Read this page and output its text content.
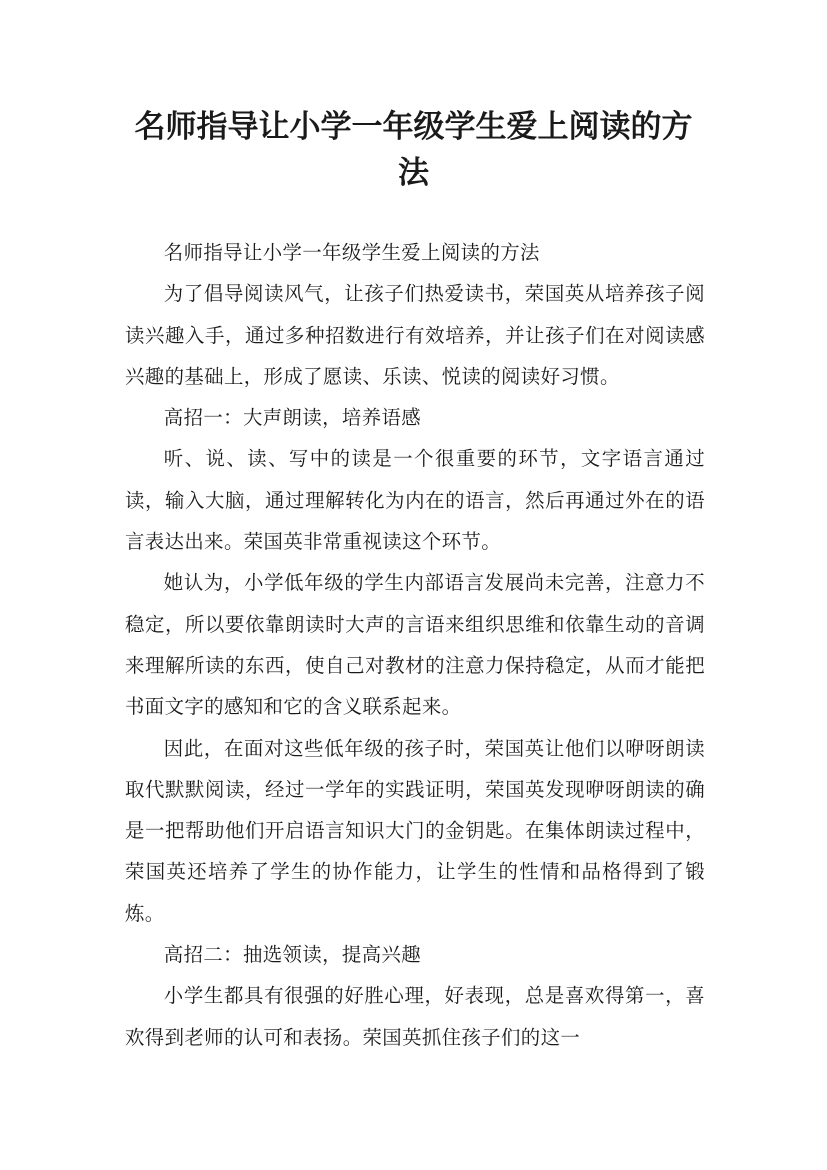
名师指导让小学一年级学生爱上阅读的方法

名师指导让小学一年级学生爱上阅读的方法

为了倡导阅读风气，让孩子们热爱读书，荣国英从培养孩子阅读兴趣入手，通过多种招数进行有效培养，并让孩子们在对阅读感兴趣的基础上，形成了愿读、乐读、悦读的阅读好习惯。

高招一：大声朗读，培养语感

听、说、读、写中的读是一个很重要的环节，文字语言通过读，输入大脑，通过理解转化为内在的语言，然后再通过外在的语言表达出来。荣国英非常重视读这个环节。

她认为，小学低年级的学生内部语言发展尚未完善，注意力不稳定，所以要依靠朗读时大声的言语来组织思维和依靠生动的音调来理解所读的东西，使自己对教材的注意力保持稳定，从而才能把书面文字的感知和它的含义联系起来。

因此，在面对这些低年级的孩子时，荣国英让他们以咿呀朗读取代默默阅读，经过一学年的实践证明，荣国英发现咿呀朗读的确是一把帮助他们开启语言知识大门的金钥匙。在集体朗读过程中，荣国英还培养了学生的协作能力，让学生的性情和品格得到了锻炼。

高招二：抽选领读，提高兴趣

小学生都具有很强的好胜心理，好表现，总是喜欢得第一，喜欢得到老师的认可和表扬。荣国英抓住孩子们的这一
